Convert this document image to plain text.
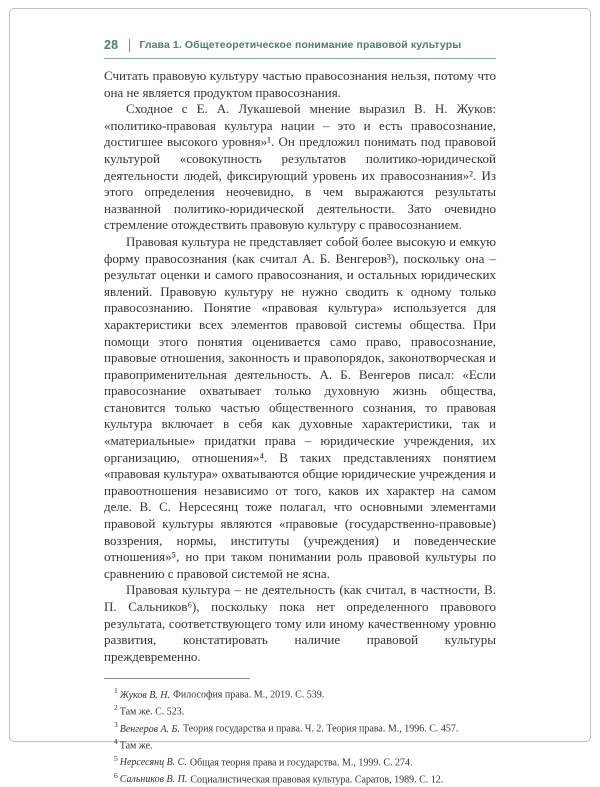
28 Глава 1. Общетеоретическое понимание правовой культуры

Считать правовую культуру частью правосознания нельзя, потому что она не является продуктом правосознания.

Сходное с Е. А. Лукашевой мнение выразил В. Н. Жуков: «политико-правовая культура нации – это и есть правосознание, достигшее высокого уровня»¹. Он предложил понимать под правовой культурой «совокупность результатов политико-юридической деятельности людей, фиксирующий уровень их правосознания»². Из этого определения неочевидно, в чем выражаются результаты названной политико-юридической деятельности. Зато очевидно стремление отождествить правовую культуру с правосознанием.

Правовая культура не представляет собой более высокую и емкую форму правосознания (как считал А. Б. Венгеров³), поскольку она – результат оценки и самого правосознания, и остальных юридических явлений. Правовую культуру не нужно сводить к одному только правосознанию. Понятие «правовая культура» используется для характеристики всех элементов правовой системы общества. При помощи этого понятия оценивается само право, правосознание, правовые отношения, законность и правопорядок, законотворческая и правоприменительная деятельность. А. Б. Венгеров писал: «Если правосознание охватывает только духовную жизнь общества, становится только частью общественного сознания, то правовая культура включает в себя как духовные характеристики, так и «материальные» придатки права – юридические учреждения, их организацию, отношения»⁴. В таких представлениях понятием «правовая культура» охватываются общие юридические учреждения и правоотношения независимо от того, каков их характер на самом деле. В. С. Нерсесянц тоже полагал, что основными элементами правовой культуры являются «правовые (государственно-правовые) воззрения, нормы, институты (учреждения) и поведенческие отношения»⁵, но при таком понимании роль правовой культуры по сравнению с правовой системой не ясна.

Правовая культура – не деятельность (как считал, в частности, В. П. Сальников⁶), поскольку пока нет определенного правового результата, соответствующего тому или иному качественному уровню развития, констатировать наличие правовой культуры преждевременно.

$^1$ Жуков В. Н. Философия права. М., 2019. С. 539.
$^2$ Там же. С. 523.
$^3$ Венгеров А. Б. Теория государства и права. Ч. 2. Теория права. М., 1996. С. 457.
$^4$ Там же.
$^5$ Нерсесянц В. С. Общая теория права и государства. М., 1999. С. 274.
$^6$ Сальников В. П. Социалистическая правовая культура. Саратов, 1989. С. 12.
